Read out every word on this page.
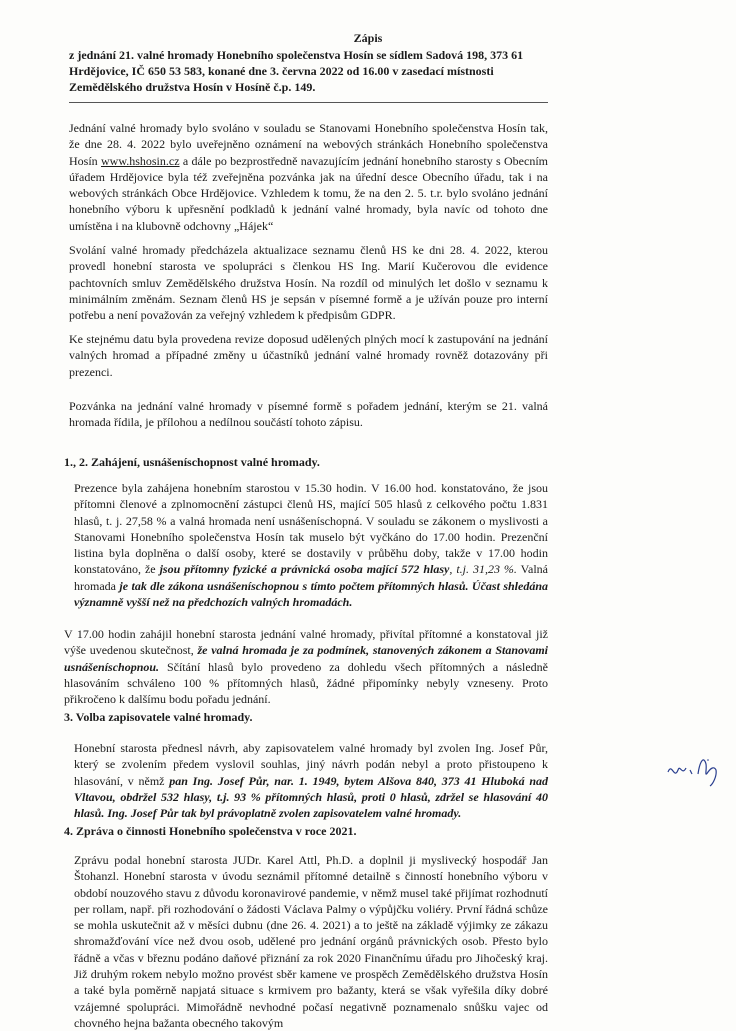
Zápis
z jednání 21. valné hromady Honebního společenstva Hosín se sídlem Sadová 198, 373 61 Hrdějovice, IČ 650 53 583, konané dne 3. června 2022 od 16.00 v zasedací místnosti Zemědělského družstva Hosín v Hosíně č.p. 149.

Jednání valné hromady bylo svoláno v souladu se Stanovami Honebního společenstva Hosín tak, že dne 28. 4. 2022 bylo uveřejněno oznámení na webových stránkách Honebního společenstva Hosín www.hshosin.cz a dále po bezprostředně navazujícím jednání honebního starosty s Obecním úřadem Hrdějovice byla též zveřejněna pozvánka jak na úřední desce Obecního úřadu, tak i na webových stránkách Obce Hrdějovice. Vzhledem k tomu, že na den 2. 5. t.r. bylo svoláno jednání honebního výboru k upřesnění podkladů k jednání valné hromady, byla navíc od tohoto dne umístěna i na klubovně odchovny „Hájek“

Svolání valné hromady předcházela aktualizace seznamu členů HS ke dni 28. 4. 2022, kterou provedl honební starosta ve spolupráci s členkou HS Ing. Marií Kučerovou dle evidence pachtovních smluv Zemědělského družstva Hosín. Na rozdíl od minulých let došlo v seznamu k minimálním změnám. Seznam členů HS je sepsán v písemné formě a je užíván pouze pro interní potřebu a není považován za veřejný vzhledem k předpisům GDPR.

Ke stejnému datu byla provedena revize doposud udělených plných mocí k zastupování na jednání valných hromad a případné změny u účastníků jednání valné hromady rovněž dotazovány při prezenci.

Pozvánka na jednání valné hromady v písemné formě s pořadem jednání, kterým se 21. valná hromada řídila, je přílohou a nedílnou součástí tohoto zápisu.

1., 2. Zahájení, usnášeníschopnost valné hromady.

Prezence byla zahájena honebním starostou v 15.30 hodin. V 16.00 hod. konstatováno, že jsou přítomni členové a zplnomocnění zástupci členů HS, mající 505 hlasů z celkového počtu 1.831 hlasů, t. j. 27,58 % a valná hromada není usnášeníschopná. V souladu se zákonem o myslivosti a Stanovami Honebního společenstva Hosín tak muselo být vyčkáno do 17.00 hodin. Prezenční listina byla doplněna o další osoby, které se dostavily v průběhu doby, takže v 17.00 hodin konstatováno, že jsou přítomny fyzické a právnická osoba mající 572 hlasy, t.j. 31,23 %. Valná hromada je tak dle zákona usnášeníschopnou s tímto počtem přítomných hlasů. Účast shledána významně vyšší než na předchozích valných hromadách.

V 17.00 hodin zahájil honební starosta jednání valné hromady, přivítal přítomné a konstatoval již výše uvedenou skutečnost, že valná hromada je za podmínek, stanovených zákonem a Stanovami usnášeníschopnou. Sčítání hlasů bylo provedeno za dohledu všech přítomných a následně hlasováním schváleno 100 % přítomných hlasů, žádné připomínky nebyly vzneseny. Proto přikročeno k dalšímu bodu pořadu jednání.

3. Volba zapisovatele valné hromady.

Honební starosta přednesl návrh, aby zapisovatelem valné hromady byl zvolen Ing. Josef Půr, který se zvolením předem vyslovil souhlas, jiný návrh podán nebyl a proto přistoupeno k hlasování, v němž pan Ing. Josef Půr, nar. 1. 1949, bytem Alšova 840, 373 41 Hluboká nad Vltavou, obdržel 532 hlasy, t.j. 93 % přítomných hlasů, proti 0 hlasů, zdržel se hlasování 40 hlasů. Ing. Josef Půr tak byl právoplatně zvolen zapisovatelem valné hromady.

4. Zpráva o činnosti Honebního společenstva v roce 2021.

Zprávu podal honební starosta JUDr. Karel Attl, Ph.D. a doplnil ji myslivecký hospodář Jan Štohanzl. Honební starosta v úvodu seznámil přítomné detailně s činností honebního výboru v období nouzového stavu z důvodu koronavirové pandemie, v němž musel také přijímat rozhodnutí per rollam, např. při rozhodování o žádosti Václava Palmy o výpůjčku voliéry. První řádná schůze se mohla uskutečnit až v měsíci dubnu (dne 26. 4. 2021) a to ještě na základě výjimky ze zákazu shromažďování více než dvou osob, udělené pro jednání orgánů právnických osob. Přesto bylo řádně a včas v březnu podáno daňové přiznání za rok 2020 Finančnímu úřadu pro Jihočeský kraj. Již druhým rokem nebylo možno provést sběr kamene ve prospěch Zemědělského družstva Hosín a také byla poměrně napjatá situace s krmivem pro bažanty, která se však vyřešila díky dobré vzájemné spolupráci. Mimořádně nevhodné počasí negativně poznamenalo snůšku vajec od chovného hejna bažanta obecného takovým
